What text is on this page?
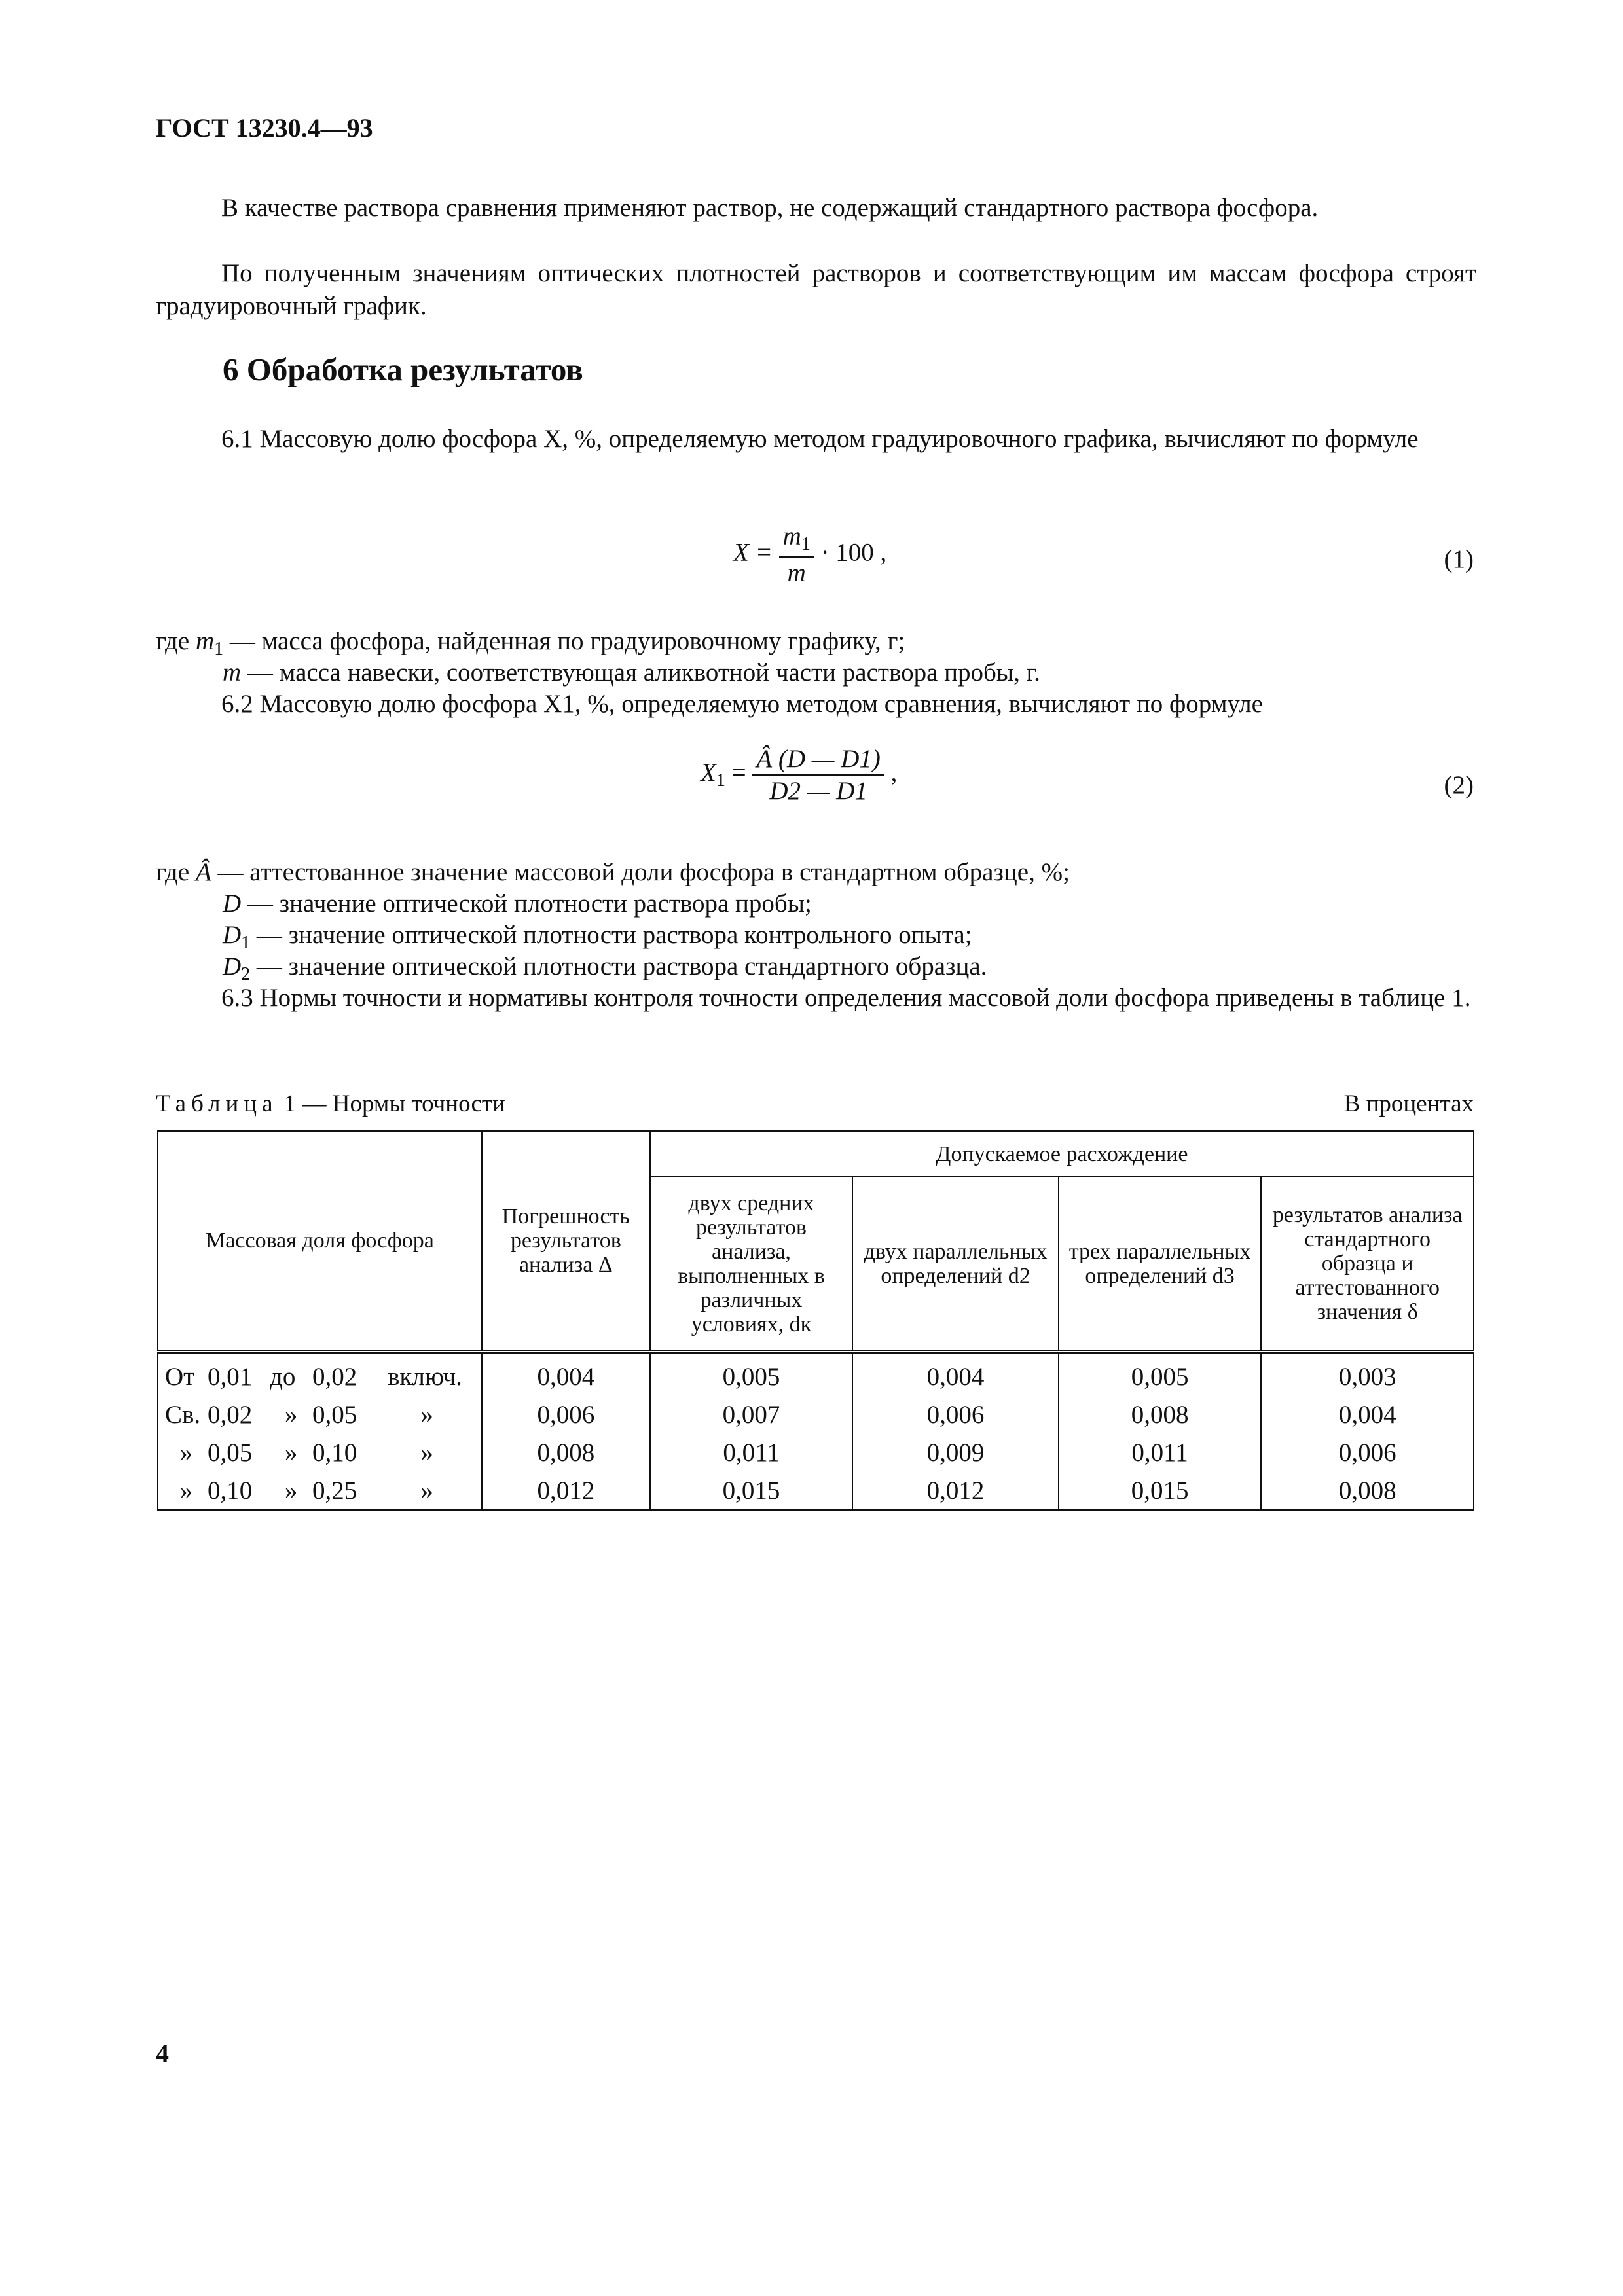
ГОСТ 13230.4—93
В качестве раствора сравнения применяют раствор, не содержащий стандартного раствора фосфора.
По полученным значениям оптических плотностей растворов и соответствующим им массам фосфора строят градуировочный график.
6 Обработка результатов
6.1 Массовую долю фосфора X, %, определяемую методом градуировочного графика, вычисляют по формуле
$X = \frac{m_1}{m} \cdot 100$ ,	(1)
где $m_1$ — масса фосфора, найденная по градуировочному графику, г;
m — масса навески, соответствующая аликвотной части раствора пробы, г.
6.2 Массовую долю фосфора X1, %, определяемую методом сравнения, вычисляют по формуле
$X_1 = \frac{Â (D — D1)}{D2 — D1}$ ,	(2)
где Â — аттестованное значение массовой доли фосфора в стандартном образце, %;
D — значение оптической плотности раствора пробы;
$D_1$ — значение оптической плотности раствора контрольного опыта;
$D_2$ — значение оптической плотности раствора стандартного образца.
6.3 Нормы точности и нормативы контроля точности определения массовой доли фосфора приведены в таблице 1.
Таблица 1 — Нормы точности	В процентах
Массовая доля фосфора	Погрешность результатов анализа Δ	Допускаемое расхождение			
		двух средних результатов анализа, выполненных в различных условиях, dк	двух параллельных определений d2	трех параллельных определений d3	результатов анализа стандартного образца и аттестованного значения δ

От 0,01 до 0,02 включ.	0,004	0,005	0,004	0,005	0,003

Св. 0,02 » 0,05 »	0,006	0,007	0,006	0,008	0,004

» 0,05 » 0,10 »	0,008	0,011	0,009	0,011	0,006

» 0,10 » 0,25 »	0,012	0,015	0,012	0,015	0,008
4
